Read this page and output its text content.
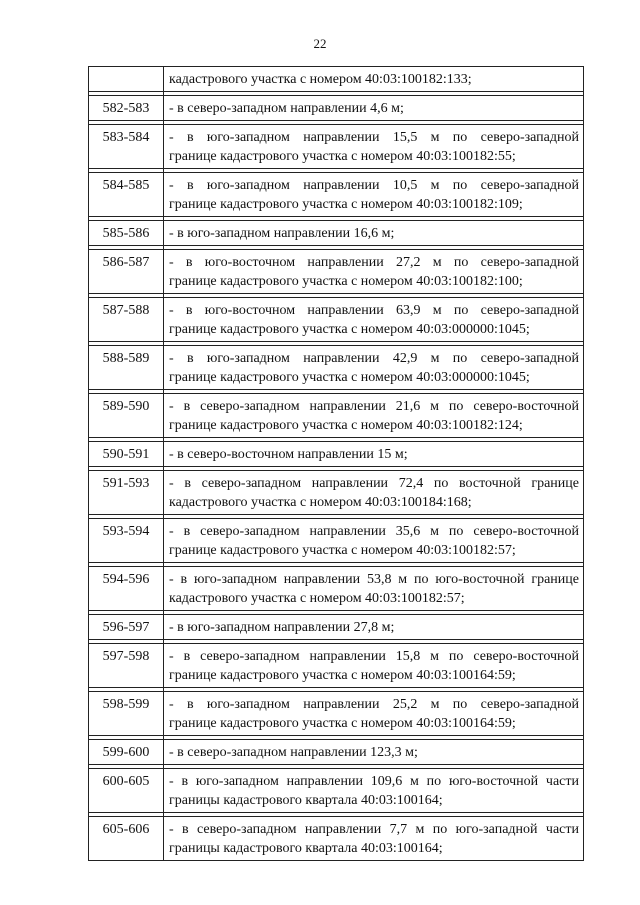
22

	кадастрового участка с номером 40:03:100182:133;

582-583	- в северо-западном направлении 4,6 м;

583-584	- в юго-западном направлении 15,5 м по северо-западной
границе кадастрового участка с номером 40:03:100182:55;

584-585	- в юго-западном направлении 10,5 м по северо-западной
границе кадастрового участка с номером 40:03:100182:109;

585-586	- в юго-западном направлении 16,6 м;

586-587	- в юго-восточном направлении 27,2 м по северо-западной
границе кадастрового участка с номером 40:03:100182:100;

587-588	- в юго-восточном направлении 63,9 м по северо-западной
границе кадастрового участка с номером 40:03:000000:1045;

588-589	- в юго-западном направлении 42,9 м по северо-западной
границе кадастрового участка с номером 40:03:000000:1045;

589-590	- в северо-западном направлении 21,6 м по северо-восточной
границе кадастрового участка с номером 40:03:100182:124;

590-591	- в северо-восточном направлении 15 м;

591-593	- в северо-западном направлении 72,4 по восточной границе
кадастрового участка с номером 40:03:100184:168;

593-594	- в северо-западном направлении 35,6 м по северо-восточной
границе кадастрового участка с номером 40:03:100182:57;

594-596	- в юго-западном направлении 53,8 м по юго-восточной границе
кадастрового участка с номером 40:03:100182:57;

596-597	- в юго-западном направлении 27,8 м;

597-598	- в северо-западном направлении 15,8 м по северо-восточной
границе кадастрового участка с номером 40:03:100164:59;

598-599	- в юго-западном направлении 25,2 м по северо-западной
границе кадастрового участка с номером 40:03:100164:59;

599-600	- в северо-западном направлении 123,3 м;

600-605	- в юго-западном направлении 109,6 м по юго-восточной части
границы кадастрового квартала 40:03:100164;

605-606	- в северо-западном направлении 7,7 м по юго-западной части
границы кадастрового квартала 40:03:100164;
